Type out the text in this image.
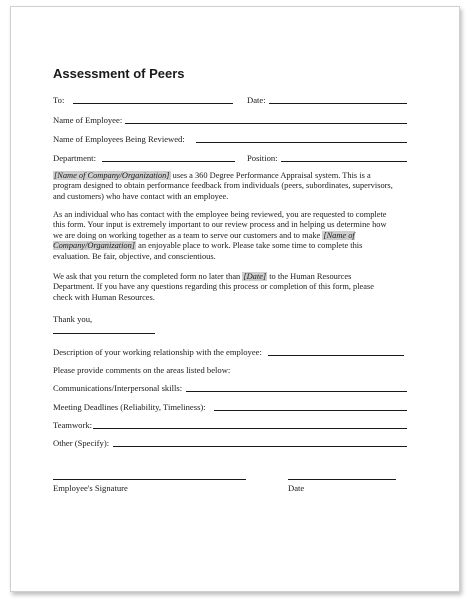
Assessment of Peers
To:	Date:
Name of Employee:
Name of Employees Being Reviewed:
Department:	Position:

[Name of Company/Organization] uses a 360 Degree Performance Appraisal system. This is a program designed to obtain performance feedback from individuals (peers, subordinates, supervisors, and customers) who have contact with an employee.

As an individual who has contact with the employee being reviewed, you are requested to complete this form. Your input is extremely important to our review process and in helping us determine how we are doing on working together as a team to serve our customers and to make [Name of Company/Organization] an enjoyable place to work. Please take some time to complete this evaluation. Be fair, objective, and conscientious.

We ask that you return the completed form no later than [Date] to the Human Resources Department. If you have any questions regarding this process or completion of this form, please check with Human Resources.

Thank you,
Description of your working relationship with the employee:
Please provide comments on the areas listed below:
Communications/Interpersonal skills:
Meeting Deadlines (Reliability, Timeliness):
Teamwork:
Other (Specify):
Employee's Signature	Date
